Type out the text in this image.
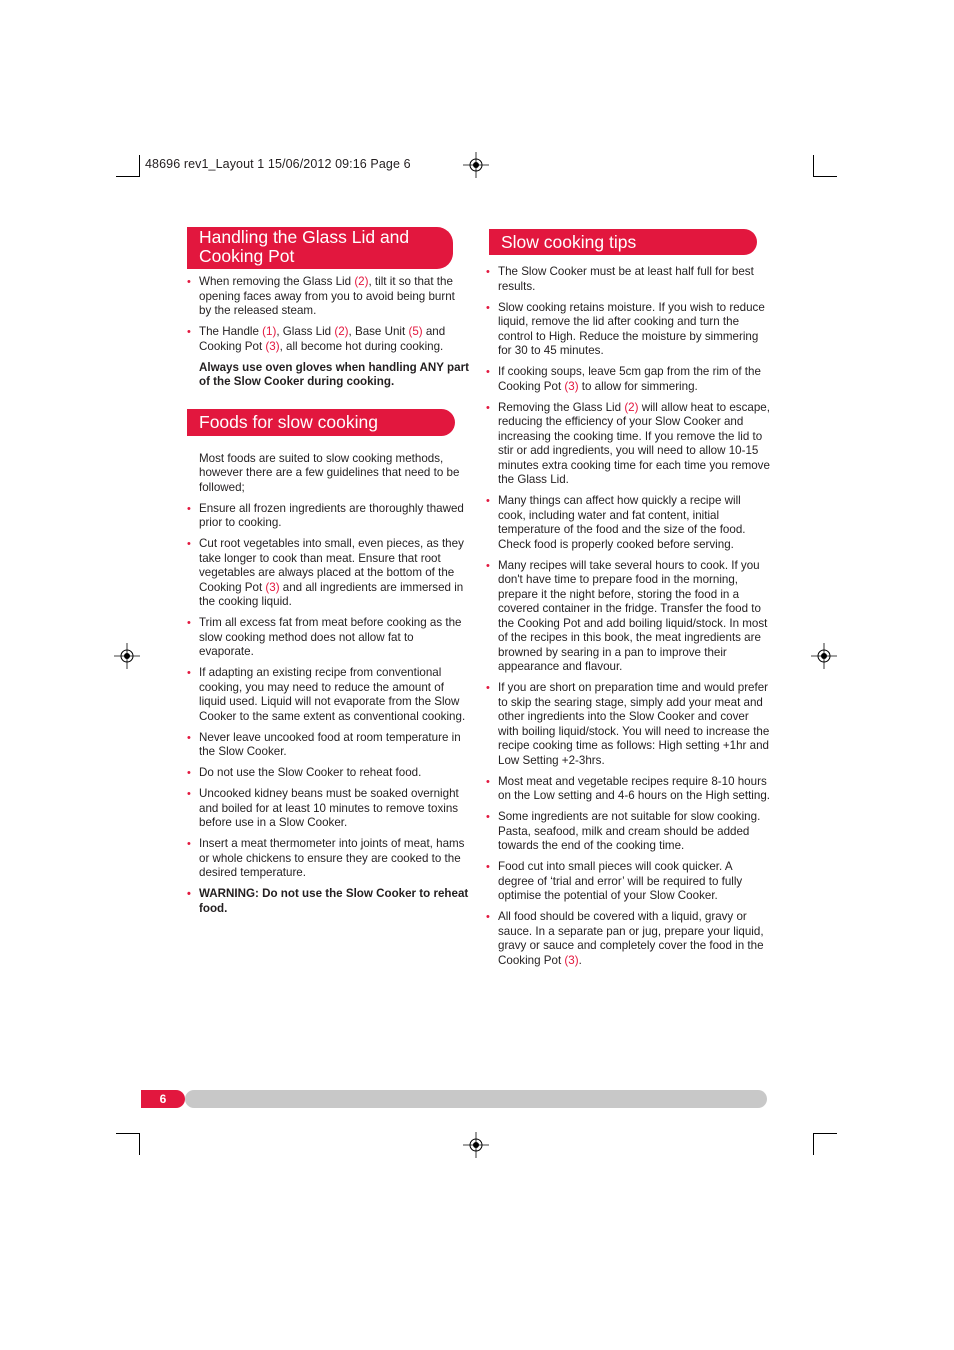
48696 rev1_Layout 1 15/06/2012 09:16 Page 6
Handling the Glass Lid and
Cooking Pot
• When removing the Glass Lid (2), tilt it so that the opening faces away from you to avoid being burnt by the released steam.
• The Handle (1), Glass Lid (2), Base Unit (5) and Cooking Pot (3), all become hot during cooking.

Always use oven gloves when handling ANY part of the Slow Cooker during cooking.

Foods for slow cooking

Most foods are suited to slow cooking methods, however there are a few guidelines that need to be followed;

• Ensure all frozen ingredients are thoroughly thawed prior to cooking.
• Cut root vegetables into small, even pieces, as they take longer to cook than meat. Ensure that root vegetables are always placed at the bottom of the Cooking Pot (3) and all ingredients are immersed in the cooking liquid.
• Trim all excess fat from meat before cooking as the slow cooking method does not allow fat to evaporate.
• If adapting an existing recipe from conventional cooking, you may need to reduce the amount of liquid used. Liquid will not evaporate from the Slow Cooker to the same extent as conventional cooking.
• Never leave uncooked food at room temperature in the Slow Cooker.
• Do not use the Slow Cooker to reheat food.
• Uncooked kidney beans must be soaked overnight and boiled for at least 10 minutes to remove toxins before use in a Slow Cooker.
• Insert a meat thermometer into joints of meat, hams or whole chickens to ensure they are cooked to the desired temperature.
• WARNING: Do not use the Slow Cooker to reheat food.
Slow cooking tips
• The Slow Cooker must be at least half full for best results.
• Slow cooking retains moisture. If you wish to reduce liquid, remove the lid after cooking and turn the control to High. Reduce the moisture by simmering for 30 to 45 minutes.
• If cooking soups, leave 5cm gap from the rim of the Cooking Pot (3) to allow for simmering.
• Removing the Glass Lid (2) will allow heat to escape, reducing the efficiency of your Slow Cooker and increasing the cooking time. If you remove the lid to stir or add ingredients, you will need to allow 10-15 minutes extra cooking time for each time you remove the Glass Lid.
• Many things can affect how quickly a recipe will cook, including water and fat content, initial temperature of the food and the size of the food. Check food is properly cooked before serving.
• Many recipes will take several hours to cook. If you don't have time to prepare food in the morning, prepare it the night before, storing the food in a covered container in the fridge. Transfer the food to the Cooking Pot and add boiling liquid/stock. In most of the recipes in this book, the meat ingredients are browned by searing in a pan to improve their appearance and flavour.
• If you are short on preparation time and would prefer to skip the searing stage, simply add your meat and other ingredients into the Slow Cooker and cover with boiling liquid/stock. You will need to increase the recipe cooking time as follows: High setting +1hr and Low Setting +2-3hrs.
• Most meat and vegetable recipes require 8-10 hours on the Low setting and 4-6 hours on the High setting.
• Some ingredients are not suitable for slow cooking. Pasta, seafood, milk and cream should be added towards the end of the cooking time.
• Food cut into small pieces will cook quicker. A degree of ‘trial and error’ will be required to fully optimise the potential of your Slow Cooker.
• All food should be covered with a liquid, gravy or sauce. In a separate pan or jug, prepare your liquid, gravy or sauce and completely cover the food in the Cooking Pot (3).
6
